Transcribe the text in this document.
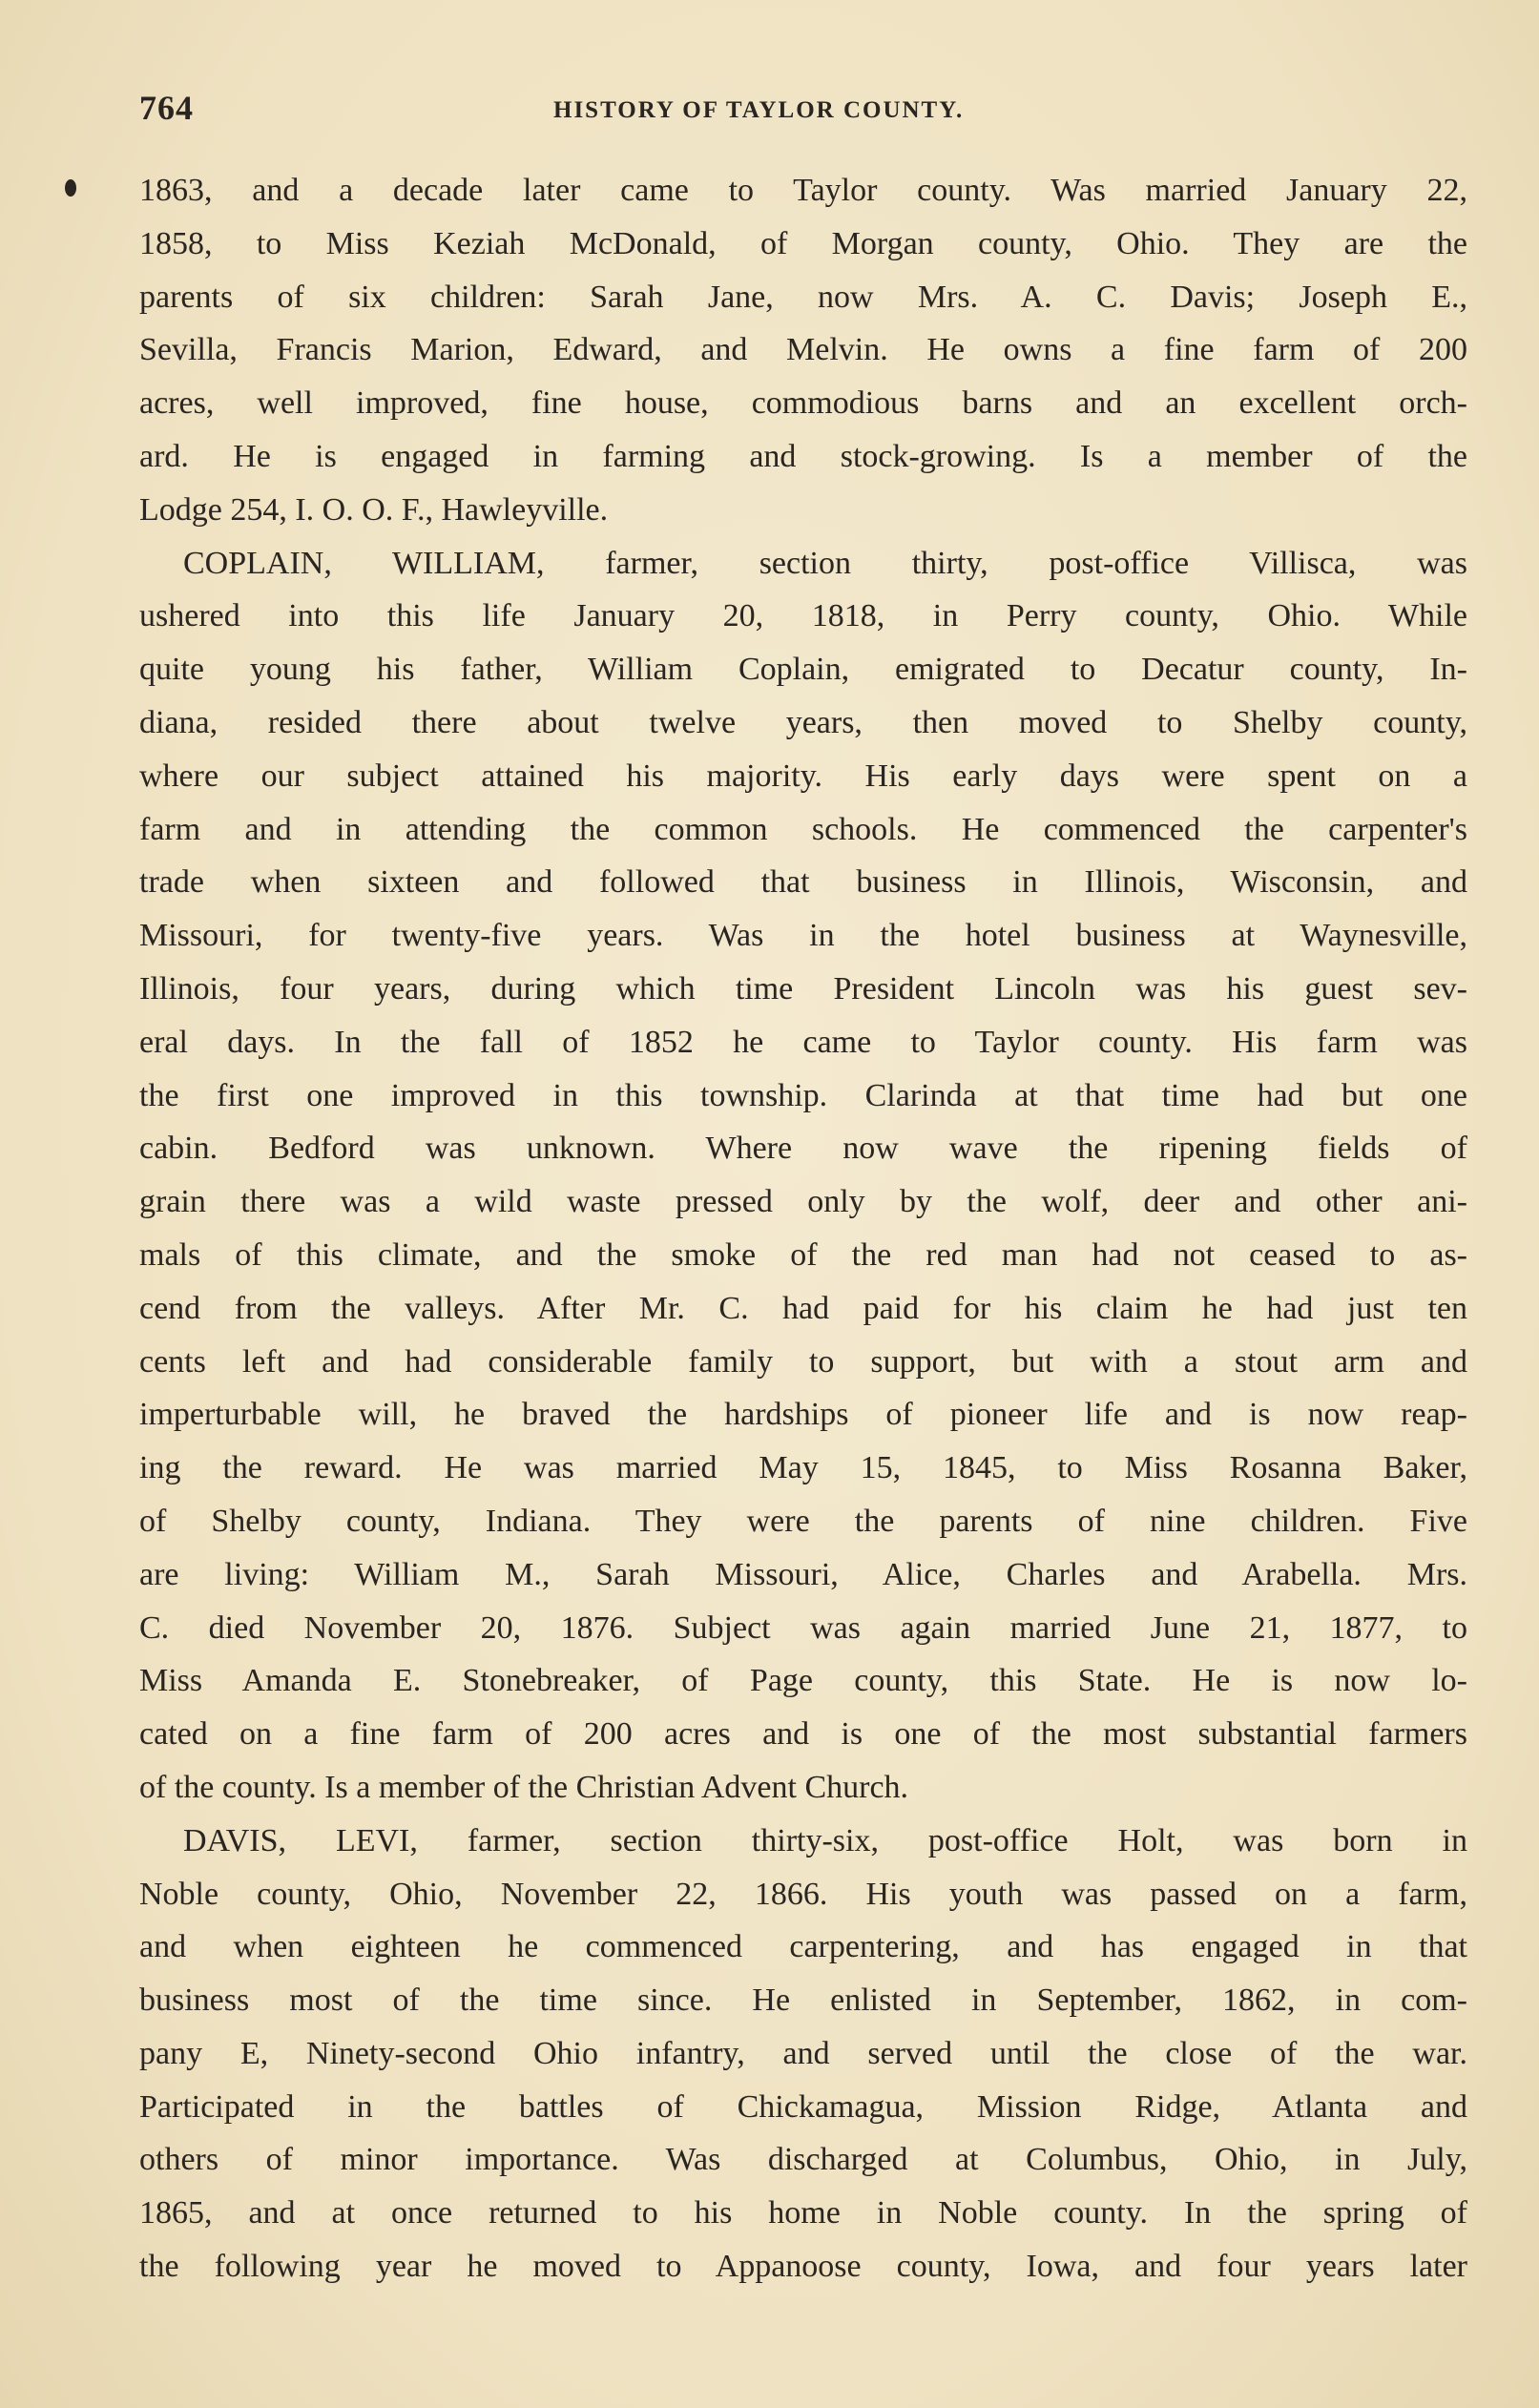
764	HISTORY OF TAYLOR COUNTY.
1863, and a decade later came to Taylor county. Was married January 22,
1858, to Miss Keziah McDonald, of Morgan county, Ohio. They are the
parents of six children: Sarah Jane, now Mrs. A. C. Davis; Joseph E.,
Sevilla, Francis Marion, Edward, and Melvin. He owns a fine farm of 200
acres, well improved, fine house, commodious barns and an excellent orch-
ard. He is engaged in farming and stock-growing. Is a member of the
Lodge 254, I. O. O. F., Hawleyville.
COPLAIN, WILLIAM, farmer, section thirty, post-office Villisca, was
ushered into this life January 20, 1818, in Perry county, Ohio. While
quite young his father, William Coplain, emigrated to Decatur county, In-
diana, resided there about twelve years, then moved to Shelby county,
where our subject attained his majority. His early days were spent on a
farm and in attending the common schools. He commenced the carpenter's
trade when sixteen and followed that business in Illinois, Wisconsin, and
Missouri, for twenty-five years. Was in the hotel business at Waynesville,
Illinois, four years, during which time President Lincoln was his guest sev-
eral days. In the fall of 1852 he came to Taylor county. His farm was
the first one improved in this township. Clarinda at that time had but one
cabin. Bedford was unknown. Where now wave the ripening fields of
grain there was a wild waste pressed only by the wolf, deer and other ani-
mals of this climate, and the smoke of the red man had not ceased to as-
cend from the valleys. After Mr. C. had paid for his claim he had just ten
cents left and had considerable family to support, but with a stout arm and
imperturbable will, he braved the hardships of pioneer life and is now reap-
ing the reward. He was married May 15, 1845, to Miss Rosanna Baker,
of Shelby county, Indiana. They were the parents of nine children. Five
are living: William M., Sarah Missouri, Alice, Charles and Arabella. Mrs.
C. died November 20, 1876. Subject was again married June 21, 1877, to
Miss Amanda E. Stonebreaker, of Page county, this State. He is now lo-
cated on a fine farm of 200 acres and is one of the most substantial farmers
of the county. Is a member of the Christian Advent Church.
DAVIS, LEVI, farmer, section thirty-six, post-office Holt, was born in
Noble county, Ohio, November 22, 1866. His youth was passed on a farm,
and when eighteen he commenced carpentering, and has engaged in that
business most of the time since. He enlisted in September, 1862, in com-
pany E, Ninety-second Ohio infantry, and served until the close of the war.
Participated in the battles of Chickamagua, Mission Ridge, Atlanta and
others of minor importance. Was discharged at Columbus, Ohio, in July,
1865, and at once returned to his home in Noble county. In the spring of
the following year he moved to Appanoose county, Iowa, and four years later
